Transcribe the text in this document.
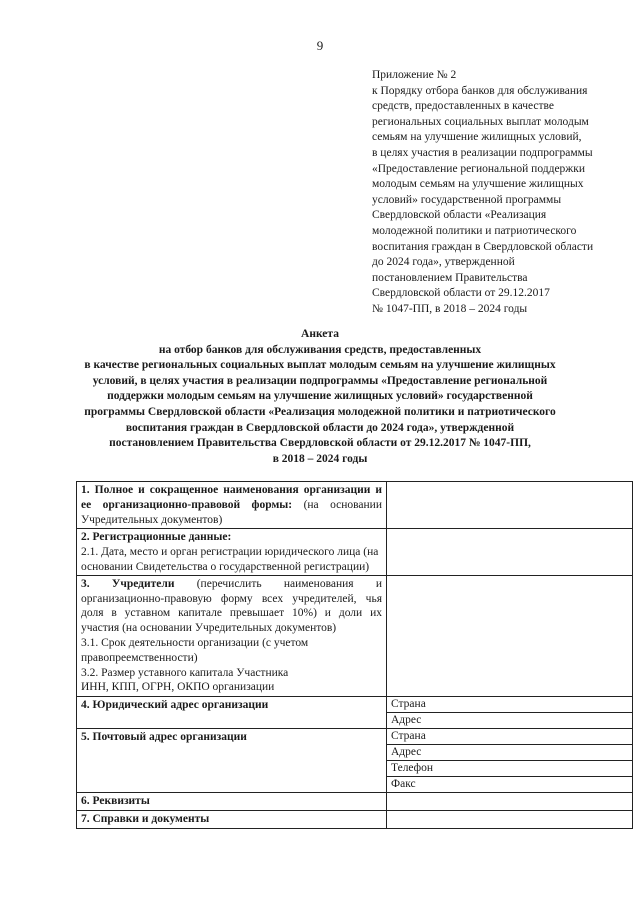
9
Приложение № 2
к Порядку отбора банков для обслуживания
средств, предоставленных в качестве
региональных социальных выплат молодым
семьям на улучшение жилищных условий,
в целях участия в реализации подпрограммы
«Предоставление региональной поддержки
молодым семьям на улучшение жилищных
условий» государственной программы
Свердловской области «Реализация
молодежной политики и патриотического
воспитания граждан в Свердловской области
до 2024 года», утвержденной
постановлением Правительства
Свердловской области от 29.12.2017
№ 1047-ПП, в 2018 – 2024 годы
Анкета
на отбор банков для обслуживания средств, предоставленных
в качестве региональных социальных выплат молодым семьям на улучшение жилищных
условий, в целях участия в реализации подпрограммы «Предоставление региональной
поддержки молодым семьям на улучшение жилищных условий» государственной
программы Свердловской области «Реализация молодежной политики и патриотического
воспитания граждан в Свердловской области до 2024 года», утвержденной
постановлением Правительства Свердловской области от 29.12.2017 № 1047-ПП,
в 2018 – 2024 годы
1. Полное и сокращенное наименования организации и ее организационно-правовой формы: (на основании Учредительных документов)	

2. Регистрационные данные:
2.1. Дата, место и орган регистрации юридического лица (на основании Свидетельства о государственной регистрации)	

3. Учредители (перечислить наименования и организационно-правовую форму всех учредителей, чья доля в уставном капитале превышает 10%) и доли их участия (на основании Учредительных документов)
3.1. Срок деятельности организации (с учетом правопреемственности)
3.2. Размер уставного капитала Участника
ИНН, КПП, ОГРН, ОКПО организации	

4. Юридический адрес организации	Страна
Адрес

5. Почтовый адрес организации	Страна
Адрес
Телефон
Факс

6. Реквизиты	
7. Справки и документы	
